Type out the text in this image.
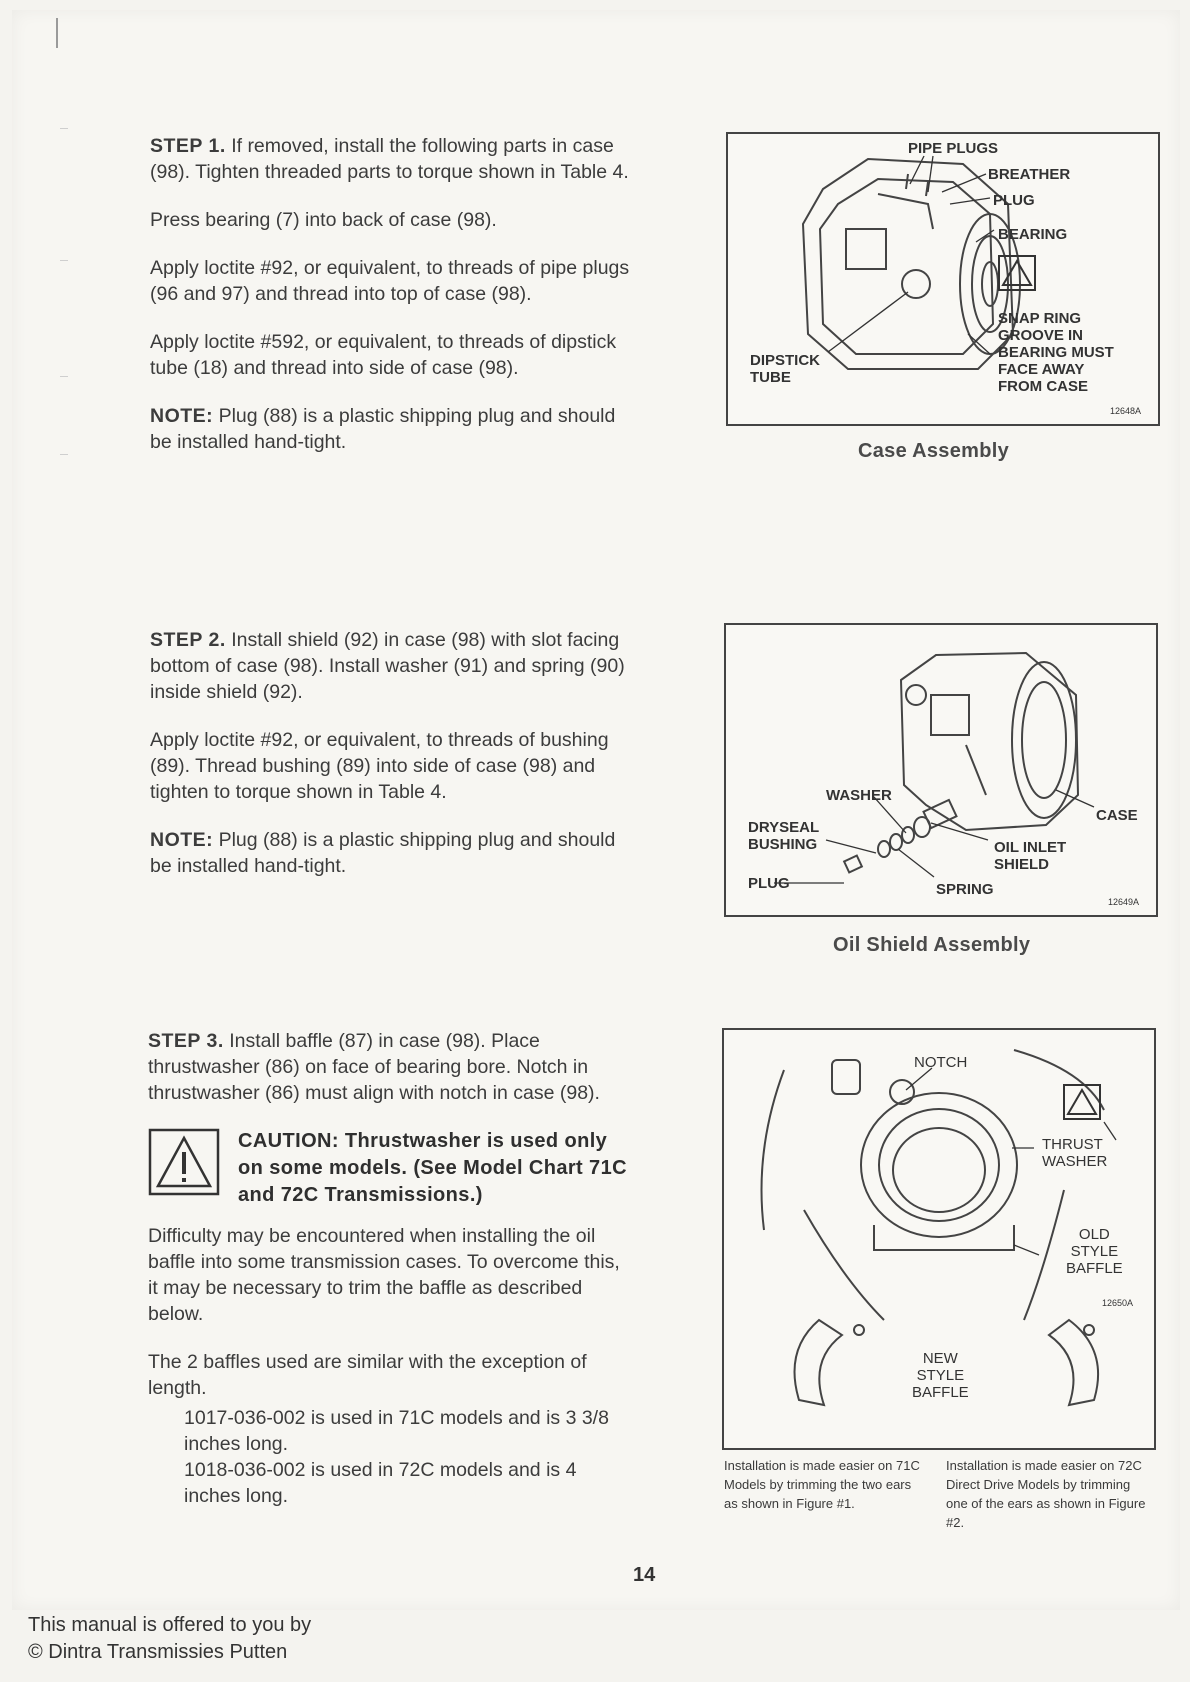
STEP 1. If removed, install the following parts in case (98). Tighten threaded parts to torque shown in Table 4.

Press bearing (7) into back of case (98).

Apply loctite #92, or equivalent, to threads of pipe plugs (96 and 97) and thread into top of case (98).

Apply loctite #592, or equivalent, to threads of dipstick tube (18) and thread into side of case (98).

NOTE: Plug (88) is a plastic shipping plug and should be installed hand-tight.

STEP 2. Install shield (92) in case (98) with slot facing bottom of case (98). Install washer (91) and spring (90) inside shield (92).

Apply loctite #92, or equivalent, to threads of bushing (89). Thread bushing (89) into side of case (98) and tighten to torque shown in Table 4.

NOTE: Plug (88) is a plastic shipping plug and should be installed hand-tight.

STEP 3. Install baffle (87) in case (98). Place thrustwasher (86) on face of bearing bore. Notch in thrustwasher (86) must align with notch in case (98).

CAUTION: Thrustwasher is used only on some models. (See Model Chart 71C and 72C Transmissions.)

Difficulty may be encountered when installing the oil baffle into some transmission cases. To overcome this, it may be necessary to trim the baffle as described below.

The 2 baffles used are similar with the exception of length.

1017-036-002 is used in 71C models and is 3 3/8 inches long.
1018-036-002 is used in 72C models and is 4 inches long.
PIPE PLUGS
BREATHER
PLUG
BEARING
SNAP RING
GROOVE IN
BEARING MUST
FACE AWAY
FROM CASE
DIPSTICK
TUBE
12648A
Case Assembly
WASHER
CASE
DRYSEAL
BUSHING	OIL INLET
SHIELD
PLUG	SPRING
12649A
Oil Shield Assembly
NOTCH
THRUST
WASHER
OLD
STYLE
BAFFLE
NEW
STYLE
BAFFLE
12650A
Installation is made easier on 71C Models by trimming the two ears as shown in Figure #1.
Installation is made easier on 72C Direct Drive Models by trimming one of the ears as shown in Figure #2.
14
This manual is offered to you by
© Dintra Transmissies Putten
